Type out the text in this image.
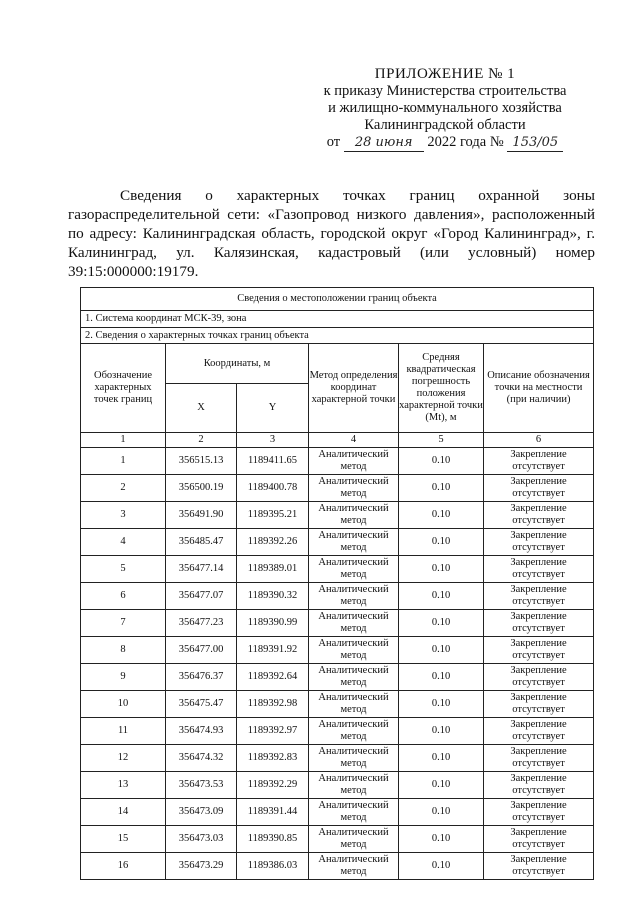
ПРИЛОЖЕНИЕ № 1
к приказу Министерства строительства
и жилищно-коммунального хозяйства
Калининградской области
от 28 июня 2022 года № 153/05

Сведения о характерных точках границ охранной зоны газораспределительной сети: «Газопровод низкого давления», расположенный по адресу: Калининградская область, городской округ «Город Калининград», г. Калининград, ул. Калязинская, кадастровый (или условный) номер 39:15:000000:19179.

Сведения о местоположении границ объекта					
1. Система координат МСК-39, зона					
2. Сведения о характерных точках границ объекта					
Обозначение характерных точек границ	Координаты, м		Метод определения координат характерной точки	Средняя квадратическая погрешность положения характерной точки (Mt), м	Описание обозначения точки на местности (при наличии)
	X	Y			
1	2	3	4	5	6
1	356515.13	1189411.65	Аналитический метод	0.10	Закрепление
отсутствует

2	356500.19	1189400.78	Аналитический метод	0.10	Закрепление
отсутствует

3	356491.90	1189395.21	Аналитический метод	0.10	Закрепление
отсутствует

4	356485.47	1189392.26	Аналитический метод	0.10	Закрепление
отсутствует

5	356477.14	1189389.01	Аналитический метод	0.10	Закрепление
отсутствует

6	356477.07	1189390.32	Аналитический метод	0.10	Закрепление
отсутствует

7	356477.23	1189390.99	Аналитический метод	0.10	Закрепление
отсутствует

8	356477.00	1189391.92	Аналитический метод	0.10	Закрепление
отсутствует

9	356476.37	1189392.64	Аналитический метод	0.10	Закрепление
отсутствует

10	356475.47	1189392.98	Аналитический метод	0.10	Закрепление
отсутствует

11	356474.93	1189392.97	Аналитический метод	0.10	Закрепление
отсутствует

12	356474.32	1189392.83	Аналитический метод	0.10	Закрепление
отсутствует

13	356473.53	1189392.29	Аналитический метод	0.10	Закрепление
отсутствует

14	356473.09	1189391.44	Аналитический метод	0.10	Закрепление
отсутствует

15	356473.03	1189390.85	Аналитический метод	0.10	Закрепление
отсутствует

16	356473.29	1189386.03	Аналитический метод	0.10	Закрепление
отсутствует
